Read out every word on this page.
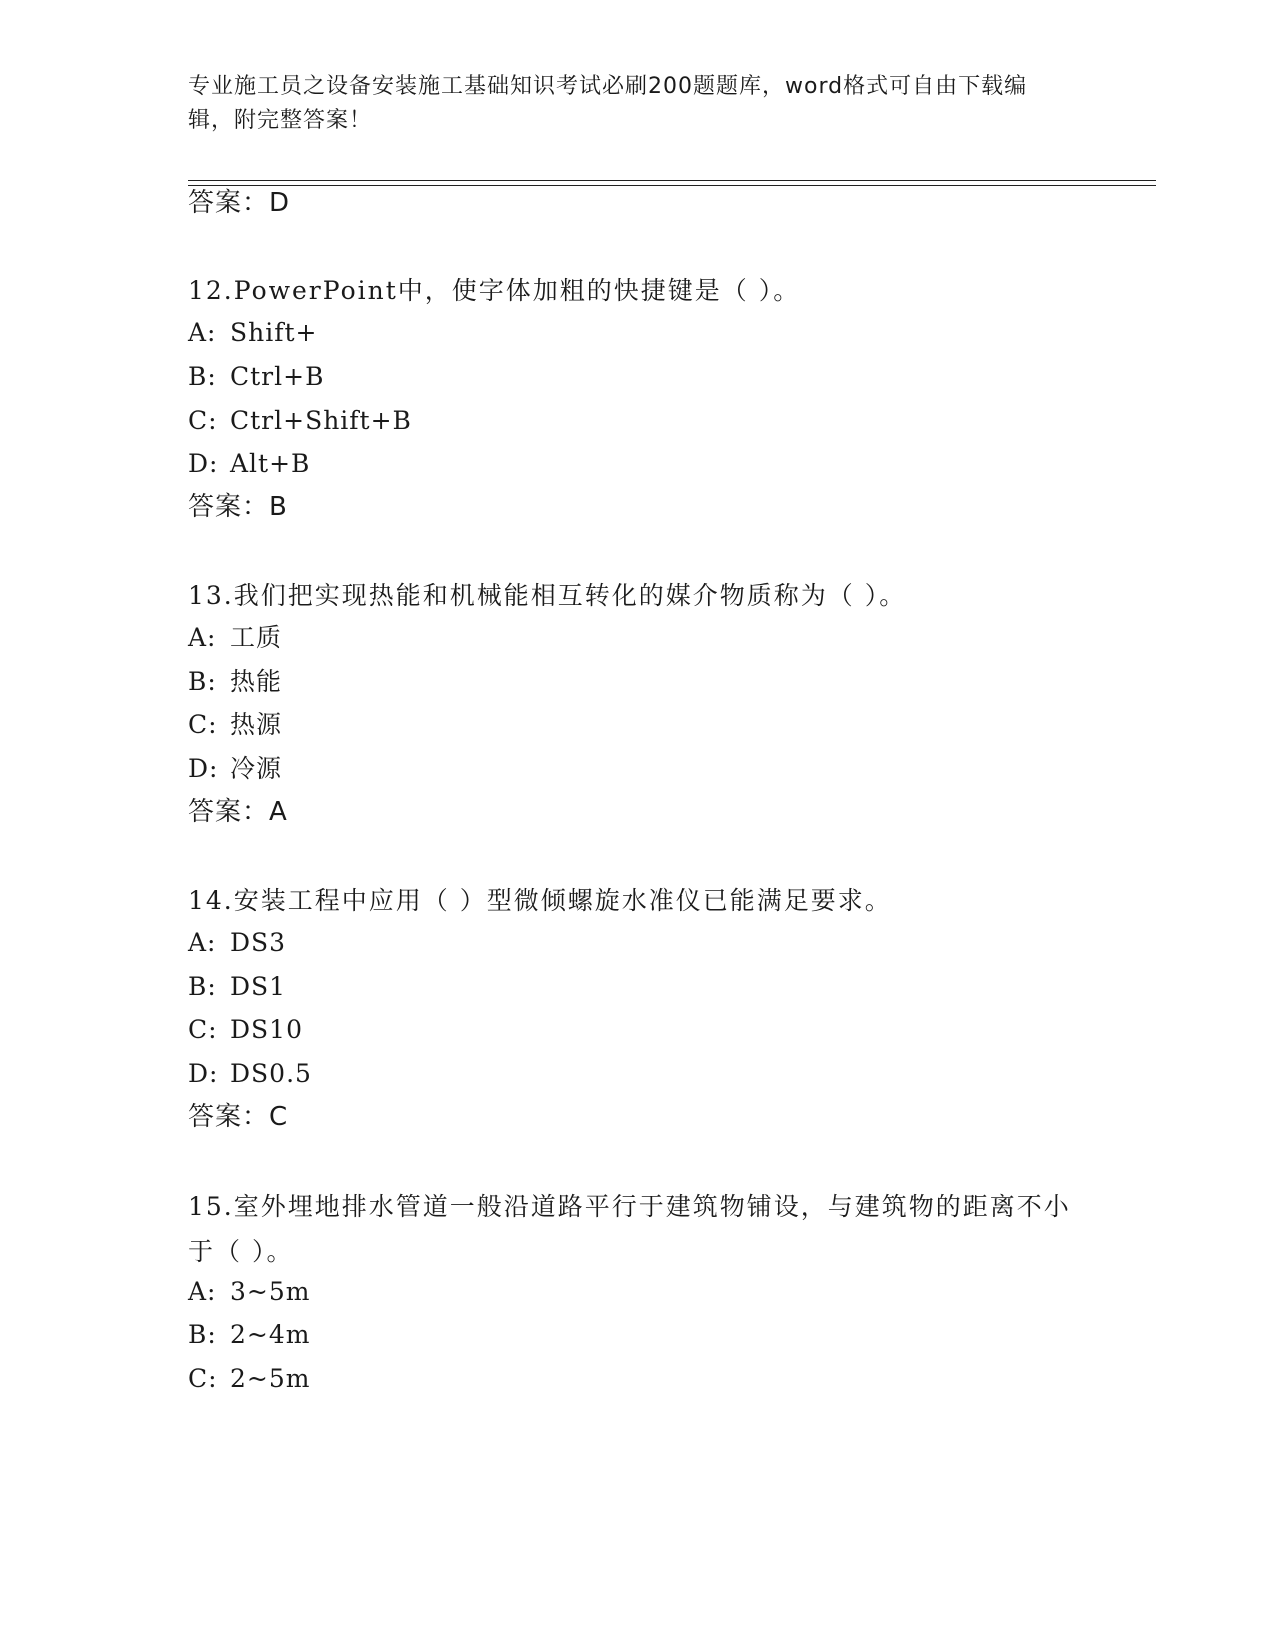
专业施工员之设备安装施工基础知识考试必刷200题题库，word格式可自由下载编辑，附完整答案！
答案：D
12.PowerPoint中，使字体加粗的快捷键是（ ）。
A: Shift+
B: Ctrl+B
C: Ctrl+Shift+B
D: Alt+B
答案：B
13.我们把实现热能和机械能相互转化的媒介物质称为（ ）。
A: 工质
B: 热能
C: 热源
D: 冷源
答案：A
14.安装工程中应用（ ）型微倾螺旋水准仪已能满足要求。
A: DS3
B: DS1
C: DS10
D: DS0.5
答案：C
15.室外埋地排水管道一般沿道路平行于建筑物铺设，与建筑物的距离不小于（ ）。
A: 3~5m
B: 2~4m
C: 2~5m
